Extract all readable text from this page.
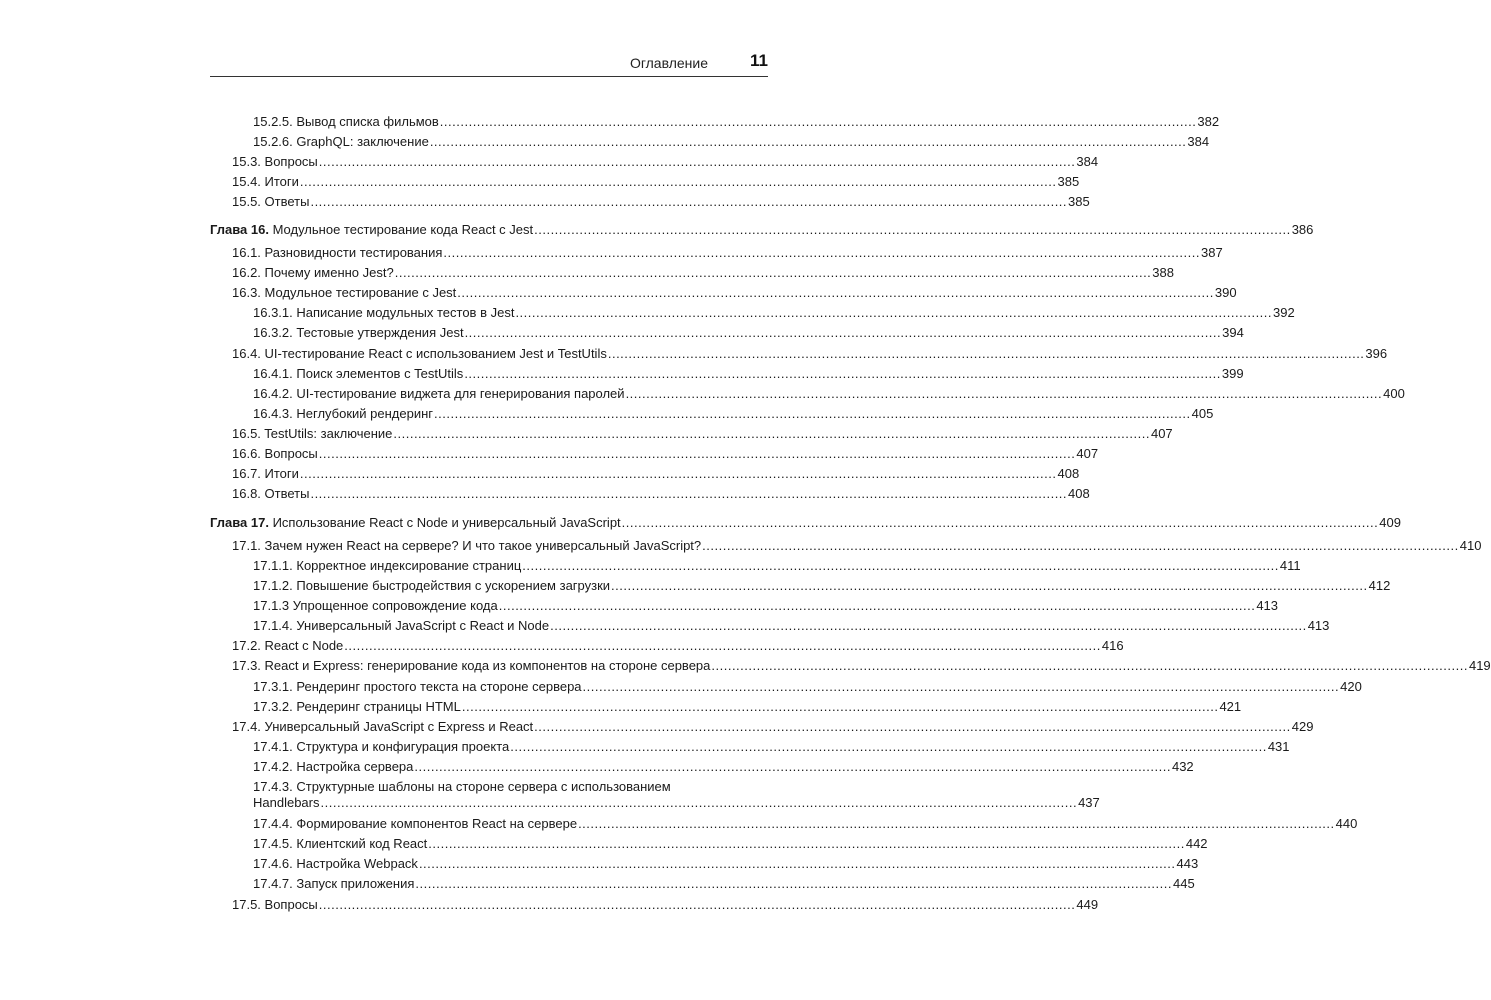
Оглавление 11
15.2.5. Вывод списка фильмов .....	382
15.2.6. GraphQL: заключение .....	384
15.3. Вопросы .....	384
15.4. Итоги .....	385
15.5. Ответы .....	385
Глава 16. Модульное тестирование кода React с Jest .....	386
16.1. Разновидности тестирования .....	387
16.2. Почему именно Jest? .....	388
16.3. Модульное тестирование с Jest .....	390
16.3.1. Написание модульных тестов в Jest .....	392
16.3.2. Тестовые утверждения Jest .....	394
16.4. UI-тестирование React с использованием Jest и TestUtils .....	396
16.4.1. Поиск элементов с TestUtils .....	399
16.4.2. UI-тестирование виджета для генерирования паролей .....	400
16.4.3. Неглубокий рендеринг .....	405
16.5. TestUtils: заключение .....	407
16.6. Вопросы .....	407
16.7. Итоги .....	408
16.8. Ответы .....	408
Глава 17. Использование React с Node и универсальный JavaScript .....	409
17.1. Зачем нужен React на сервере? И что такое универсальный JavaScript? .....	410
17.1.1. Корректное индексирование страниц .....	411
17.1.2. Повышение быстродействия с ускорением загрузки .....	412
17.1.3 Упрощенное сопровождение кода .....	413
17.1.4. Универсальный JavaScript с React и Node .....	413
17.2. React с Node .....	416
17.3. React и Express: генерирование кода из компонентов на стороне сервера .....	419
17.3.1. Рендеринг простого текста на стороне сервера .....	420
17.3.2. Рендеринг страницы HTML .....	421
17.4. Универсальный JavaScript с Express и React .....	429
17.4.1. Структура и конфигурация проекта .....	431
17.4.2. Настройка сервера .....	432
17.4.3. Структурные шаблоны на стороне сервера с использованием
Handlebars .....	437
17.4.4. Формирование компонентов React на сервере .....	440
17.4.5. Клиентский код React .....	442
17.4.6. Настройка Webpack .....	443
17.4.7. Запуск приложения .....	445
17.5. Вопросы .....	449
